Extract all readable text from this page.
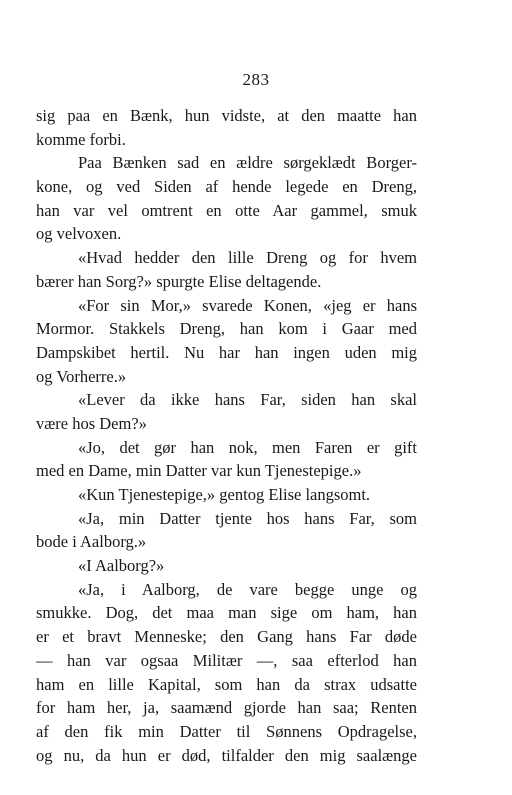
283
sig paa en Bænk, hun vidste, at den maatte han
komme forbi.
Paa Bænken sad en ældre sørgeklædt Borger-
kone, og ved Siden af hende legede en Dreng,
han var vel omtrent en otte Aar gammel, smuk
og velvoxen.
«Hvad hedder den lille Dreng og for hvem
bærer han Sorg?» spurgte Elise deltagende.
«For sin Mor,» svarede Konen, «jeg er hans
Mormor. Stakkels Dreng, han kom i Gaar med
Dampskibet hertil. Nu har han ingen uden mig
og Vorherre.»
«Lever da ikke hans Far, siden han skal
være hos Dem?»
«Jo, det gør han nok, men Faren er gift
med en Dame, min Datter var kun Tjenestepige.»
«Kun Tjenestepige,» gentog Elise langsomt.
«Ja, min Datter tjente hos hans Far, som
bode i Aalborg.»
«I Aalborg?»
«Ja, i Aalborg, de vare begge unge og
smukke. Dog, det maa man sige om ham, han
er et bravt Menneske; den Gang hans Far døde
— han var ogsaa Militær —, saa efterlod han
ham en lille Kapital, som han da strax udsatte
for ham her, ja, saamænd gjorde han saa; Renten
af den fik min Datter til Sønnens Opdragelse,
og nu, da hun er død, tilfalder den mig saalænge
